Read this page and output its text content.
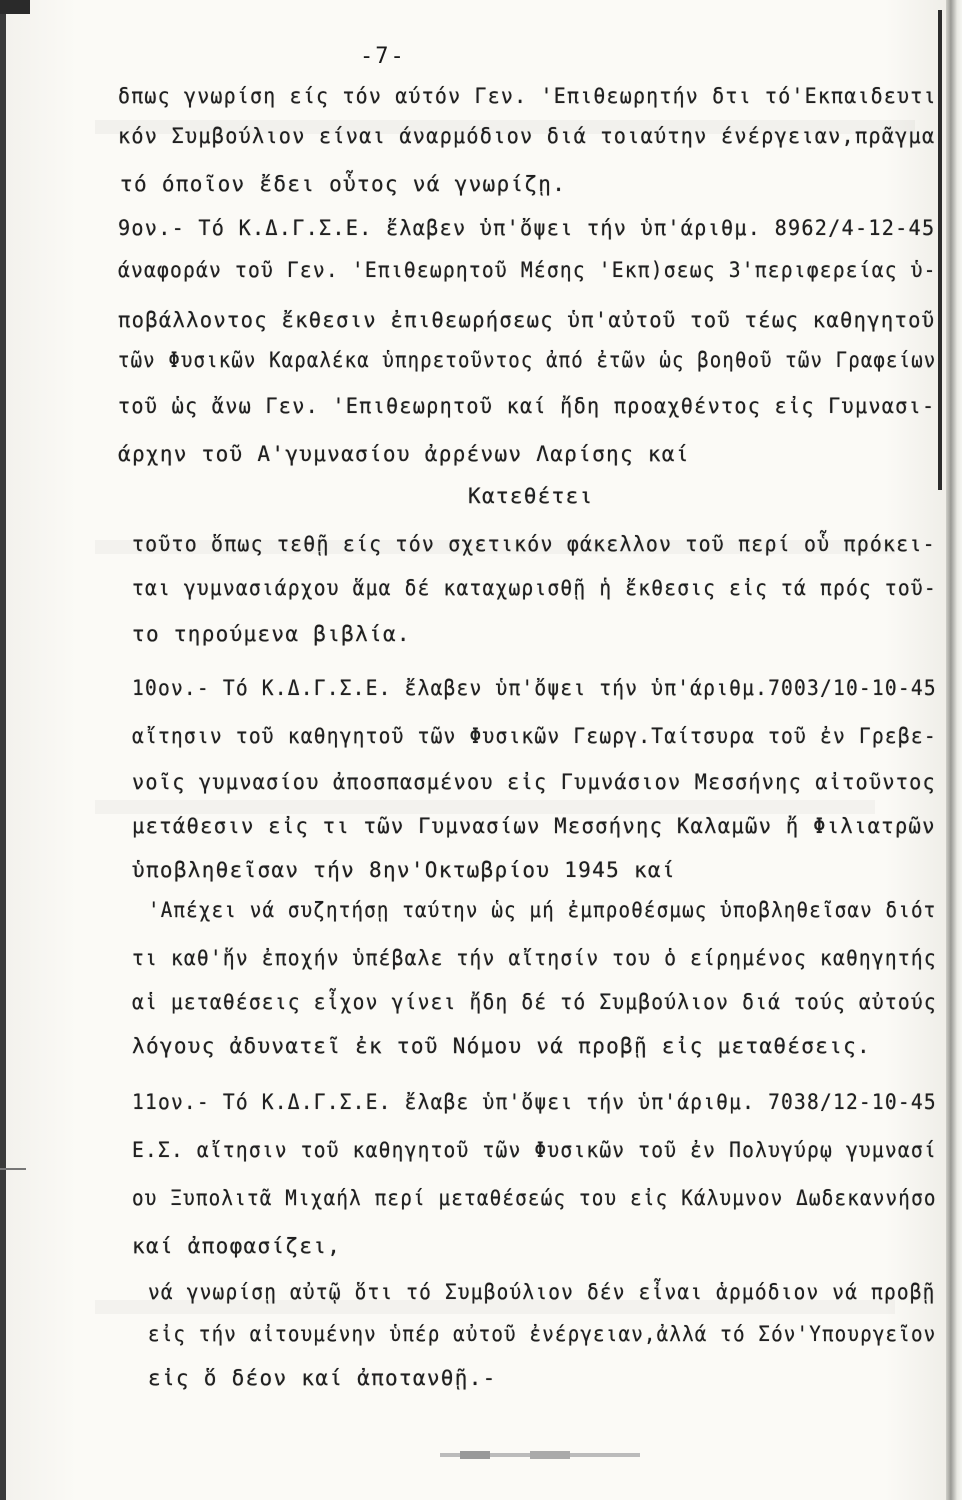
-7-
δπως γνωρίση είς τόν αύτόν Γεν. 'Επιθεωρητήν δτι τό'Εκπαιδευτι
κόν Συμβούλιον είναι άναρμόδιον διά τοιαύτην ένέργειαν,πρᾶγμα
τό όποῖον ἔδει οὗτος νά γνωρίζῃ.
9ον.- Τό Κ.Δ.Γ.Σ.Ε. ἔλαβεν ὑπ'ὄψει τήν ὑπ'άριθμ. 8962/4-12-45
άναφοράν τοῦ Γεν. 'Επιθεωρητοῦ Μέσης 'Εκπ)σεως 3'περιφερείας ὑ-
ποβάλλοντος ἔκθεσιν ἐπιθεωρήσεως ὑπ'αὐτοῦ τοῦ τέως καθηγητοῦ
τῶν Φυσικῶν Καραλέκα ὑπηρετοῦντος ἀπό ἐτῶν ὡς βοηθοῦ τῶν Γραφείων
τοῦ ὡς ἄνω Γεν. 'Επιθεωρητοῦ καί ἤδη προαχθέντος εἰς Γυμνασι-
άρχην τοῦ Α'γυμνασίου ἀρρένων Λαρίσης καί
Κατεθέτει
τοῦτο ὅπως τεθῇ είς τόν σχετικόν φάκελλον τοῦ περί οὗ πρόκει-
ται γυμνασιάρχου ἅμα δέ καταχωρισθῇ ἡ ἔκθεσις εἰς τά πρός τοῦ-
το τηρούμενα βιβλία.
10ον.- Τό Κ.Δ.Γ.Σ.Ε. ἔλαβεν ὑπ'ὄψει τήν ὑπ'άριθμ.7003/10-10-45
αἴτησιν τοῦ καθηγητοῦ τῶν Φυσικῶν Γεωργ.Ταίτσυρα τοῦ ἐν Γρεβε-
νοῖς γυμνασίου ἀποσπασμένου εἰς Γυμνάσιον Μεσσήνης αἰτοῦντος
μετάθεσιν εἰς τι τῶν Γυμνασίων Μεσσήνης Καλαμῶν ἤ Φιλιατρῶν
ὑποβληθεῖσαν τήν 8ην'Οκτωβρίου 1945 καί
'Απέχει νά συζητήσῃ ταύτην ὡς μή ἐμπροθέσμως ὑποβληθεῖσαν διότ
τι καθ'ἥν ἐποχήν ὑπέβαλε τήν αἴτησίν του ὁ είρημένος καθηγητής
αἱ μεταθέσεις εἶχον γίνει ἤδη δέ τό Συμβούλιον διά τούς αὐτούς
λόγους ἀδυνατεῖ ἐκ τοῦ Νόμου νά προβῇ εἰς μεταθέσεις.
11ον.- Τό Κ.Δ.Γ.Σ.Ε. ἔλαβε ὑπ'ὄψει τήν ὑπ'άριθμ. 7038/12-10-45
Ε.Σ. αἴτησιν τοῦ καθηγητοῦ τῶν Φυσικῶν τοῦ ἐν Πολυγύρῳ γυμνασί
ου Ξυπολιτᾶ Μιχαήλ περί μεταθέσεώς του εἰς Κάλυμνον Δωδεκαννήσο
καί ἀποφασίζει,
νά γνωρίσῃ αὐτῷ ὅτι τό Συμβούλιον δέν εἶναι ἁρμόδιον νά προβῇ
εἰς τήν αἰτουμένην ὑπέρ αὐτοῦ ἐνέργειαν,ἀλλά τό Σόν'Υπουργεῖον
εἰς ὅ δέον καί ἀποτανθῇ.-
